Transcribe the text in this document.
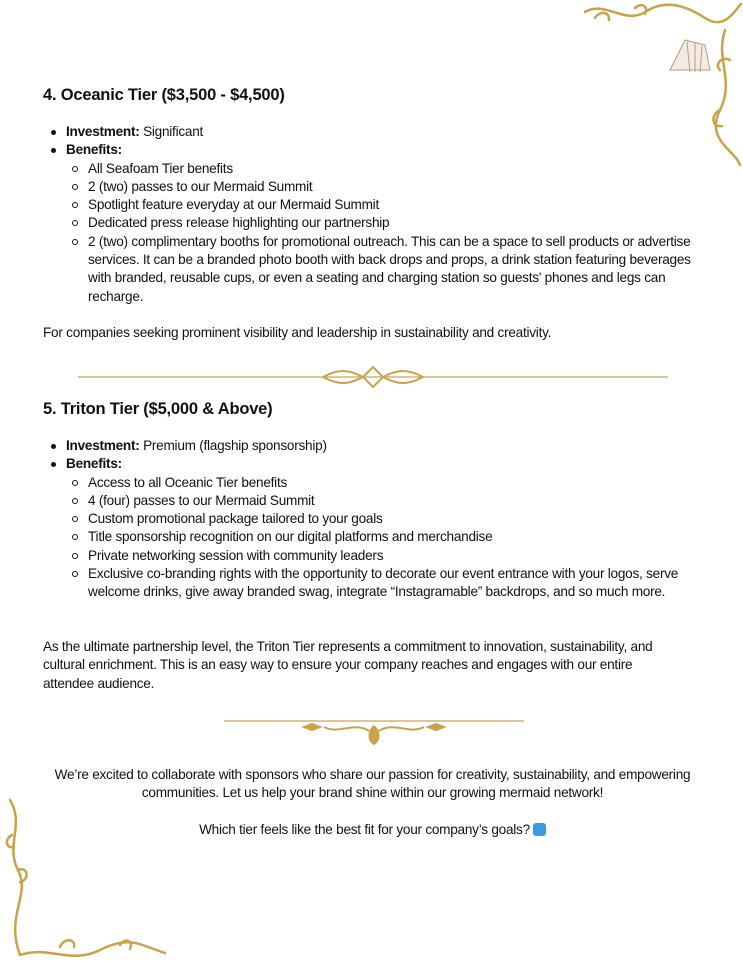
4. Oceanic Tier ($3,500 - $4,500)
Investment: Significant
Benefits:
All Seafoam Tier benefits
2 (two) passes to our Mermaid Summit
Spotlight feature everyday at our Mermaid Summit
Dedicated press release highlighting our partnership
2 (two) complimentary booths for promotional outreach. This can be a space to sell products or advertise services. It can be a branded photo booth with back drops and props, a drink station featuring beverages with branded, reusable cups, or even a seating and charging station so guests' phones and legs can recharge.

For companies seeking prominent visibility and leadership in sustainability and creativity.

5. Triton Tier ($5,000 & Above)
Investment: Premium (flagship sponsorship)
Benefits:
Access to all Oceanic Tier benefits
4 (four) passes to our Mermaid Summit
Custom promotional package tailored to your goals
Title sponsorship recognition on our digital platforms and merchandise
Private networking session with community leaders
Exclusive co-branding rights with the opportunity to decorate our event entrance with your logos, serve welcome drinks, give away branded swag, integrate “Instagramable” backdrops, and so much more.

As the ultimate partnership level, the Triton Tier represents a commitment to innovation, sustainability, and cultural enrichment. This is an easy way to ensure your company reaches and engages with our entire attendee audience.

We’re excited to collaborate with sponsors who share our passion for creativity, sustainability, and empowering communities. Let us help your brand shine within our growing mermaid network!

Which tier feels like the best fit for your company’s goals?
